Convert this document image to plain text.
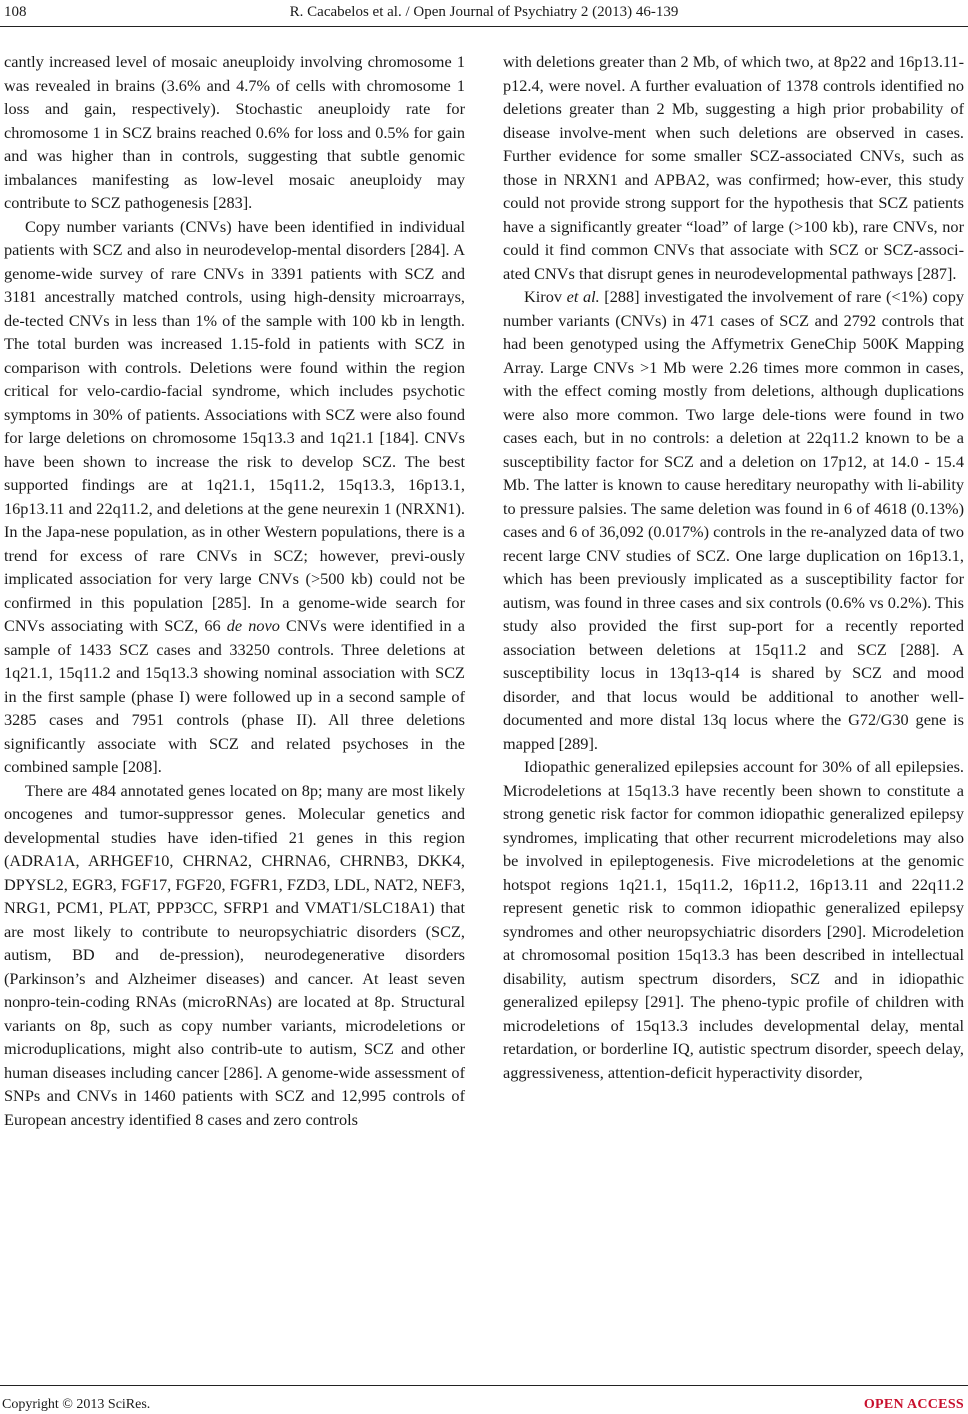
108	R. Cacabelos et al. / Open Journal of Psychiatry 2 (2013) 46-139

cantly increased level of mosaic aneuploidy involving chromosome 1 was revealed in brains (3.6% and 4.7% of cells with chromosome 1 loss and gain, respectively). Stochastic aneuploidy rate for chromosome 1 in SCZ brains reached 0.6% for loss and 0.5% for gain and was higher than in controls, suggesting that subtle genomic imbalances manifesting as low-level mosaic aneuploidy may contribute to SCZ pathogenesis [283].

Copy number variants (CNVs) have been identified in individual patients with SCZ and also in neurodevelop-mental disorders [284]. A genome-wide survey of rare CNVs in 3391 patients with SCZ and 3181 ancestrally matched controls, using high-density microarrays, de-tected CNVs in less than 1% of the sample with 100 kb in length. The total burden was increased 1.15-fold in patients with SCZ in comparison with controls. Deletions were found within the region critical for velo-cardio-facial syndrome, which includes psychotic symptoms in 30% of patients. Associations with SCZ were also found for large deletions on chromosome 15q13.3 and 1q21.1 [184]. CNVs have been shown to increase the risk to develop SCZ. The best supported findings are at 1q21.1, 15q11.2, 15q13.3, 16p13.1, 16p13.11 and 22q11.2, and deletions at the gene neurexin 1 (NRXN1). In the Japa-nese population, as in other Western populations, there is a trend for excess of rare CNVs in SCZ; however, previ-ously implicated association for very large CNVs (>500 kb) could not be confirmed in this population [285]. In a genome-wide search for CNVs associating with SCZ, 66 de novo CNVs were identified in a sample of 1433 SCZ cases and 33250 controls. Three deletions at 1q21.1, 15q11.2 and 15q13.3 showing nominal association with SCZ in the first sample (phase I) were followed up in a second sample of 3285 cases and 7951 controls (phase II). All three deletions significantly associate with SCZ and related psychoses in the combined sample [208].

There are 484 annotated genes located on 8p; many are most likely oncogenes and tumor-suppressor genes. Molecular genetics and developmental studies have iden-tified 21 genes in this region (ADRA1A, ARHGEF10, CHRNA2, CHRNA6, CHRNB3, DKK4, DPYSL2, EGR3, FGF17, FGF20, FGFR1, FZD3, LDL, NAT2, NEF3, NRG1, PCM1, PLAT, PPP3CC, SFRP1 and VMAT1/SLC18A1) that are most likely to contribute to neuropsychiatric disorders (SCZ, autism, BD and de-pression), neurodegenerative disorders (Parkinson’s and Alzheimer diseases) and cancer. At least seven nonpro-tein-coding RNAs (microRNAs) are located at 8p. Structural variants on 8p, such as copy number variants, microdeletions or microduplications, might also contrib-ute to autism, SCZ and other human diseases including cancer [286]. A genome-wide assessment of SNPs and CNVs in 1460 patients with SCZ and 12,995 controls of European ancestry identified 8 cases and zero controls

with deletions greater than 2 Mb, of which two, at 8p22 and 16p13.11-p12.4, were novel. A further evaluation of 1378 controls identified no deletions greater than 2 Mb, suggesting a high prior probability of disease involve-ment when such deletions are observed in cases. Further evidence for some smaller SCZ-associated CNVs, such as those in NRXN1 and APBA2, was confirmed; how-ever, this study could not provide strong support for the hypothesis that SCZ patients have a significantly greater “load” of large (>100 kb), rare CNVs, nor could it find common CNVs that associate with SCZ or SCZ-associ-ated CNVs that disrupt genes in neurodevelopmental pathways [287].

Kirov et al. [288] investigated the involvement of rare (<1%) copy number variants (CNVs) in 471 cases of SCZ and 2792 controls that had been genotyped using the Affymetrix GeneChip 500K Mapping Array. Large CNVs >1 Mb were 2.26 times more common in cases, with the effect coming mostly from deletions, although duplications were also more common. Two large dele-tions were found in two cases each, but in no controls: a deletion at 22q11.2 known to be a susceptibility factor for SCZ and a deletion on 17p12, at 14.0 - 15.4 Mb. The latter is known to cause hereditary neuropathy with li-ability to pressure palsies. The same deletion was found in 6 of 4618 (0.13%) cases and 6 of 36,092 (0.017%) controls in the re-analyzed data of two recent large CNV studies of SCZ. One large duplication on 16p13.1, which has been previously implicated as a susceptibility factor for autism, was found in three cases and six controls (0.6% vs 0.2%). This study also provided the first sup-port for a recently reported association between deletions at 15q11.2 and SCZ [288]. A susceptibility locus in 13q13-q14 is shared by SCZ and mood disorder, and that locus would be additional to another well-documented and more distal 13q locus where the G72/G30 gene is mapped [289].

Idiopathic generalized epilepsies account for 30% of all epilepsies. Microdeletions at 15q13.3 have recently been shown to constitute a strong genetic risk factor for common idiopathic generalized epilepsy syndromes, implicating that other recurrent microdeletions may also be involved in epileptogenesis. Five microdeletions at the genomic hotspot regions 1q21.1, 15q11.2, 16p11.2, 16p13.11 and 22q11.2 represent genetic risk to common idiopathic generalized epilepsy syndromes and other neuropsychiatric disorders [290]. Microdeletion at chromosomal position 15q13.3 has been described in intellectual disability, autism spectrum disorders, SCZ and in idiopathic generalized epilepsy [291]. The pheno-typic profile of children with microdeletions of 15q13.3 includes developmental delay, mental retardation, or borderline IQ, autistic spectrum disorder, speech delay, aggressiveness, attention-deficit hyperactivity disorder,

Copyright © 2013 SciRes.	OPEN ACCESS
